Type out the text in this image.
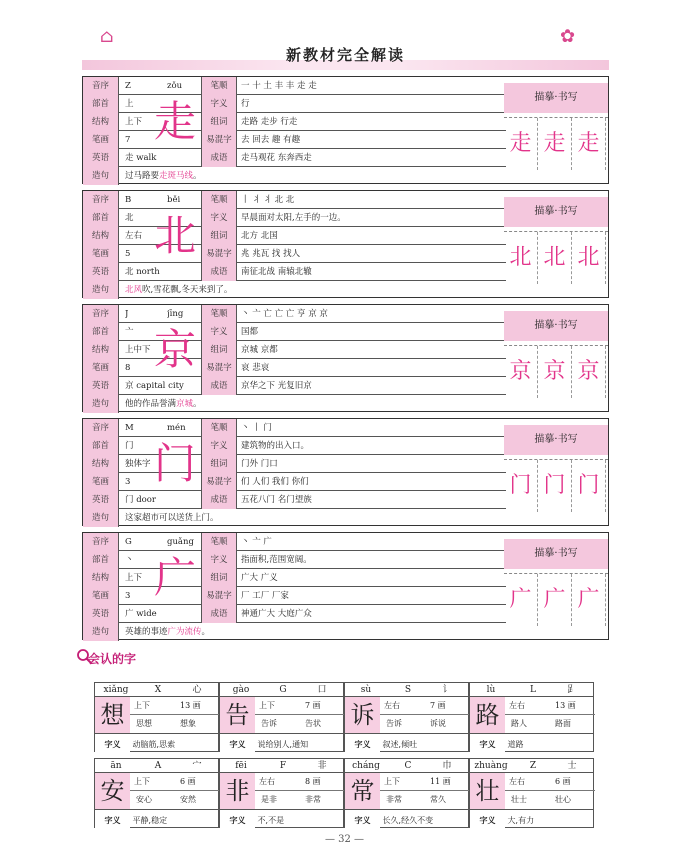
新教材完全解读
⌂	✿
音序	Z	zǒu	笔顺	一 十 土 丰 丰 走 走
部首	上	字义	行
结构	上下	组词	走路 走步 行走
笔画	7	易混字	去 回去 趣 有趣
英语	走 walk	成语	走马观花 东奔西走
走
造句	过马路要走斑马线。
描摹·书写
走 走 走
音序	B	běi	笔顺	丨 丬 丬 北 北
部首	北	字义	早晨面对太阳,左手的一边。
结构	左右	组词	北方 北国
笔画	5	易混字	兆 兆瓦 找 找人
英语	北 north	成语	南征北战 南辕北辙
北
造句	北风吹,雪花飘,冬天来到了。
描摹·书写
北 北 北
音序	J	jīng	笔顺	丶 亠 亡 亡 亡 亨 京 京
部首	亠	字义	国都
结构	上中下	组词	京城 京都
笔画	8	易混字	哀 悲哀
英语	京 capital city	成语	京华之下 光复旧京
京
造句	他的作品誉满京城。
描摹·书写
京 京 京
音序	M	mén	笔顺	丶 丨 门
部首	门	字义	建筑物的出入口。
结构	独体字	组词	门外 门口
笔画	3	易混字	们 人们 我们 你们
英语	门 door	成语	五花八门 名门望族
门
造句	这家超市可以送货上门。
描摹·书写
门 门 门
音序	G	guǎng	笔顺	丶 亠 广
部首	丶	字义	指面积,范围宽阔。
结构	上下	组词	广大 广义
笔画	3	易混字	厂 工厂 厂家
英语	广 wide	成语	神通广大 大庭广众
广
造句	英雄的事迹广为流传。
描摹·书写
广 广 广
会认的字
xiǎng	X	心
想	上下	13 画
思想	想象
字义 动脑筋,思索
gào	G	口
告	上下	7 画
告诉	告状
字义 说给别人,通知
sù	S	讠
诉	左右	7 画
告诉	诉说
字义 叙述,倾吐
lù	L	𧾷
路	左右	13 画
路人	路面
字义 道路
ān	A	宀
安	上下	6 画
安心	安然
字义 平静,稳定
fēi	F	非
非	左右	8 画
是非	非常
字义 不,不是
cháng	C	巾
常	上下	11 画
非常	常久
字义 长久,经久不变
zhuàng	Z	士
壮	左右	6 画
壮士	壮心
字义 大,有力
— 32 —
